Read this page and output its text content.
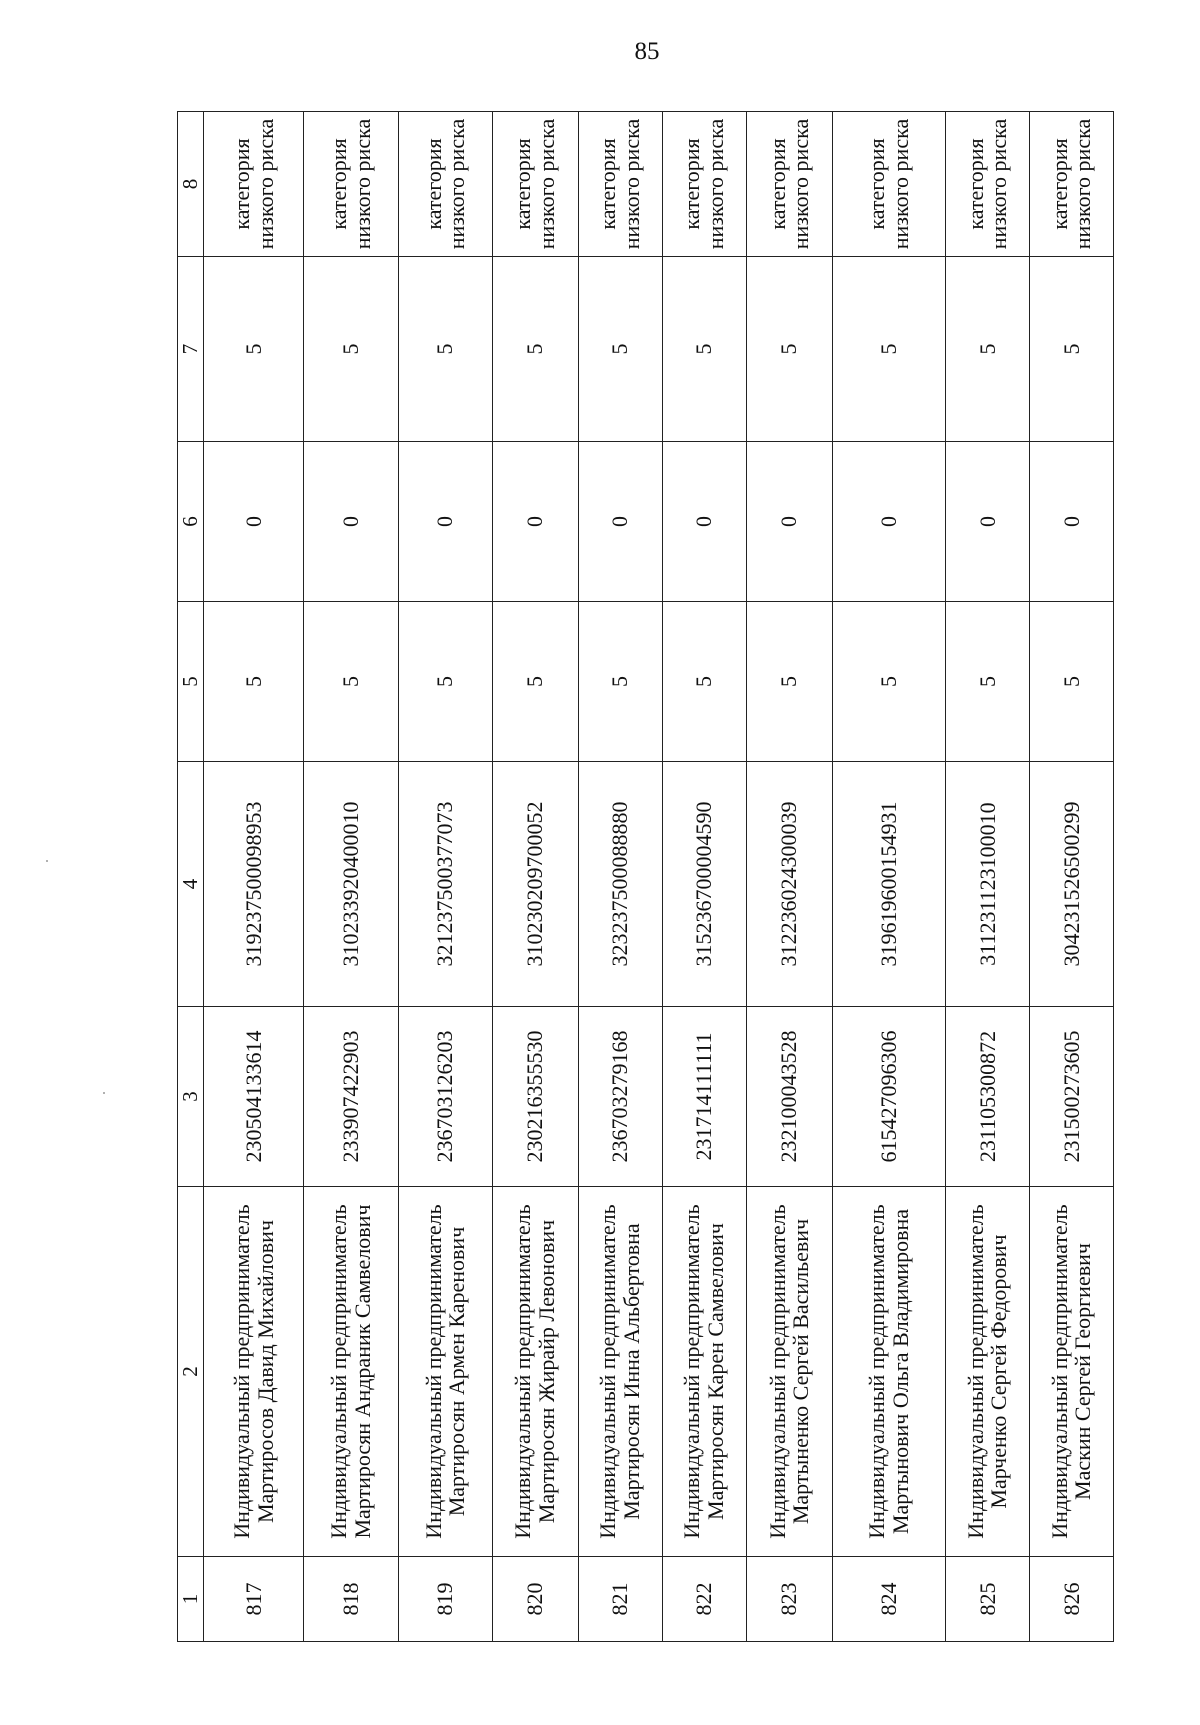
85
1	2	3	4	5	6	7	8
817	Индивидуальный предприниматель Мартиросов Давид Михайлович	230504133614	319237500098953	5	0	5	категория низкого риска
818	Индивидуальный предприниматель Мартиросян Андраник Самвелович	233907422903	310233920400010	5	0	5	категория низкого риска
819	Индивидуальный предприниматель Мартиросян Армен Каренович	236703126203	321237500377073	5	0	5	категория низкого риска
820	Индивидуальный предприниматель Мартиросян Жирайр Левонович	230216355530	310230209700052	5	0	5	категория низкого риска
821	Индивидуальный предприниматель Мартиросян Инна Альбертовна	236703279168	323237500088880	5	0	5	категория низкого риска
822	Индивидуальный предприниматель Мартиросян Карен Самвелович	231714111111	315236700004590	5	0	5	категория низкого риска
823	Индивидуальный предприниматель Мартыненко Сергей Васильевич	232100043528	312236024300039	5	0	5	категория низкого риска
824	Индивидуальный предприниматель Мартынович Ольга Владимировна	615427096306	319619600154931	5	0	5	категория низкого риска
825	Индивидуальный предприниматель Марченко Сергей Федорович	231105300872	311231123100010	5	0	5	категория низкого риска
826	Индивидуальный предприниматель Маскин Сергей Георгиевич	231500273605	304231526500299	5	0	5	категория низкого риска
